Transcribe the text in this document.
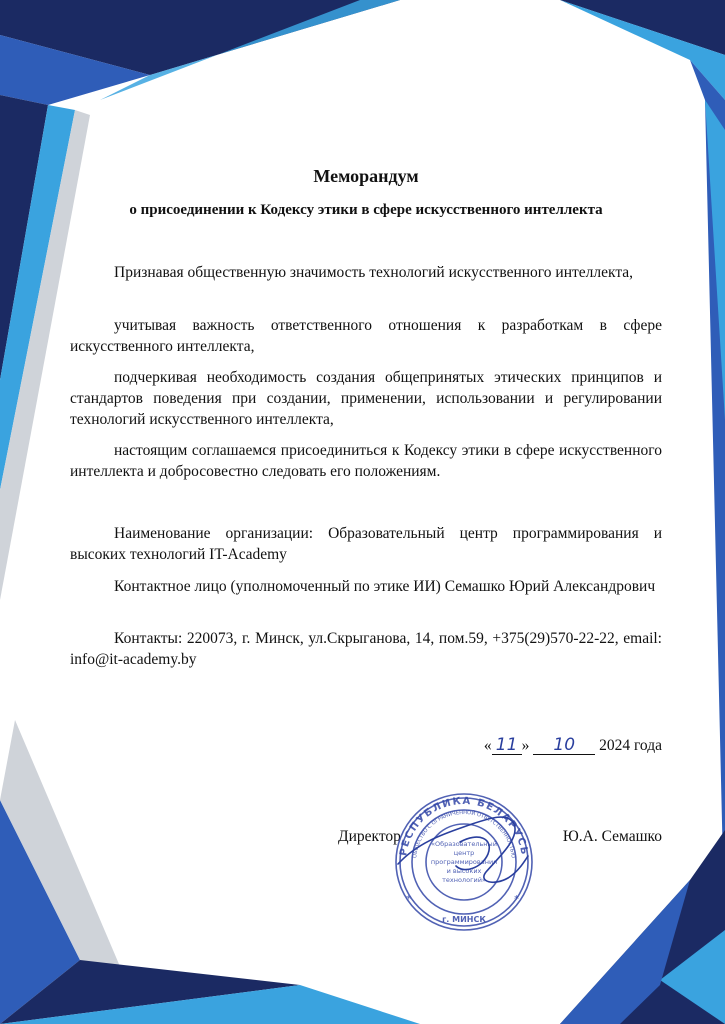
Меморандум
о присоединении к Кодексу этики в сфере искусственного интеллекта

Признавая общественную значимость технологий искусственного интеллекта,

учитывая важность ответственного отношения к разработкам в сфере искусственного интеллекта,

подчеркивая необходимость создания общепринятых этических принципов и стандартов поведения при создании, применении, использовании и регулировании технологий искусственного интеллекта,

настоящим соглашаемся присоединиться к Кодексу этики в сфере искусственного интеллекта и добросовестно следовать его положениям.

Наименование организации: Образовательный центр программирования и высоких технологий IT-Academy

Контактное лицо (уполномоченный по этике ИИ) Семашко Юрий Александрович

Контакты: 220073, г. Минск, ул.Скрыганова, 14, пом.59, +375(29)570-22-22, email: info@it-academy.by

« 11 » 10 2024 года
Директор	Ю.А. Семашко
РЕСПУБЛИКА БЕЛАРУСЬ
ОБЩЕСТВО С ОГРАНИЧЕННОЙ ОТВЕТСТВЕННОСТЬЮ
«Образовательный
центр
программирования
и высоких
технологий»
г. МИНСК
*	*
